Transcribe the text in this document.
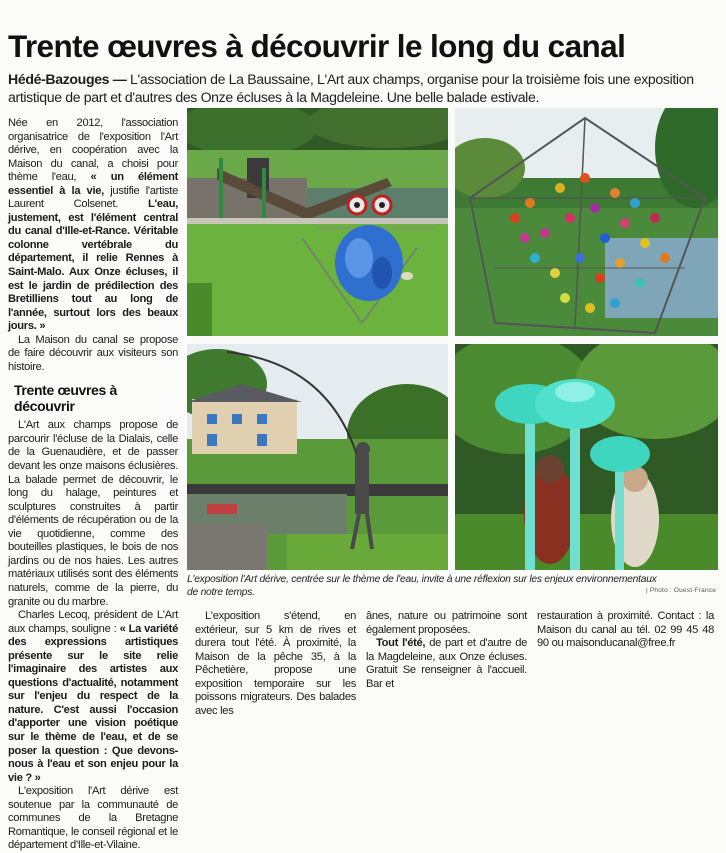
Trente œuvres à découvrir le long du canal
Hédé-Bazouges — L'association de La Baussaine, L'Art aux champs, organise pour la troisième fois une exposition artistique de part et d'autres des Onze écluses à la Magdeleine. Une belle balade estivale.

Née en 2012, l'association organisatrice de l'exposition l'Art dérive, en coopération avec la Maison du canal, a choisi pour thème l'eau, « un élément essentiel à la vie, justifie l'artiste Laurent Colsenet. L'eau, justement, est l'élément central du canal d'Ille-et-Rance. Véritable colonne vertébrale du département, il relie Rennes à Saint-Malo. Aux Onze écluses, il est le jardin de prédilection des Bretilliens tout au long de l'année, surtout lors des beaux jours. »

La Maison du canal se propose de faire découvrir aux visiteurs son histoire.

Trente œuvres à découvrir

L'Art aux champs propose de parcourir l'écluse de la Dialais, celle de la Guenaudière, et de passer devant les onze maisons éclusières. La balade permet de découvrir, le long du halage, peintures et sculptures construites à partir d'éléments de récupération ou de la vie quotidienne, comme des bouteilles plastiques, le bois de nos jardins ou de nos haies. Les autres matériaux utilisés sont des éléments naturels, comme de la pierre, du granite ou du marbre.

Charles Lecoq, président de L'Art aux champs, souligne : « La variété des expressions artistiques présente sur le site relie l'imaginaire des artistes aux questions d'actualité, notamment sur l'enjeu du respect de la nature. C'est aussi l'occasion d'apporter une vision poétique sur le thème de l'eau, et de se poser la question : Que devons-nous à l'eau et son enjeu pour la vie ? »

L'exposition l'Art dérive est soutenue par la communauté de communes de la Bretagne Romantique, le conseil régional et le département d'Ille-et-Vilaine.

L'exposition l'Art dérive, centrée sur le thème de l'eau, invite à une réflexion sur les enjeux environnementaux de notre temps.	| Photo : Ouest-France

L'exposition s'étend, en extérieur, sur 5 km de rives et durera tout l'été. À proximité, la Maison de la pêche 35, à la Pêchetière, propose une exposition temporaire sur les poissons migrateurs. Des balades avec les

ânes, nature ou patrimoine sont également proposées.

Tout l'été, de part et d'autre de la Magdeleine, aux Onze écluses. Gratuit Se renseigner à l'accueil. Bar et

restauration à proximité. Contact : la Maison du canal au tél. 02 99 45 48 90 ou maisonducanal@free.fr
